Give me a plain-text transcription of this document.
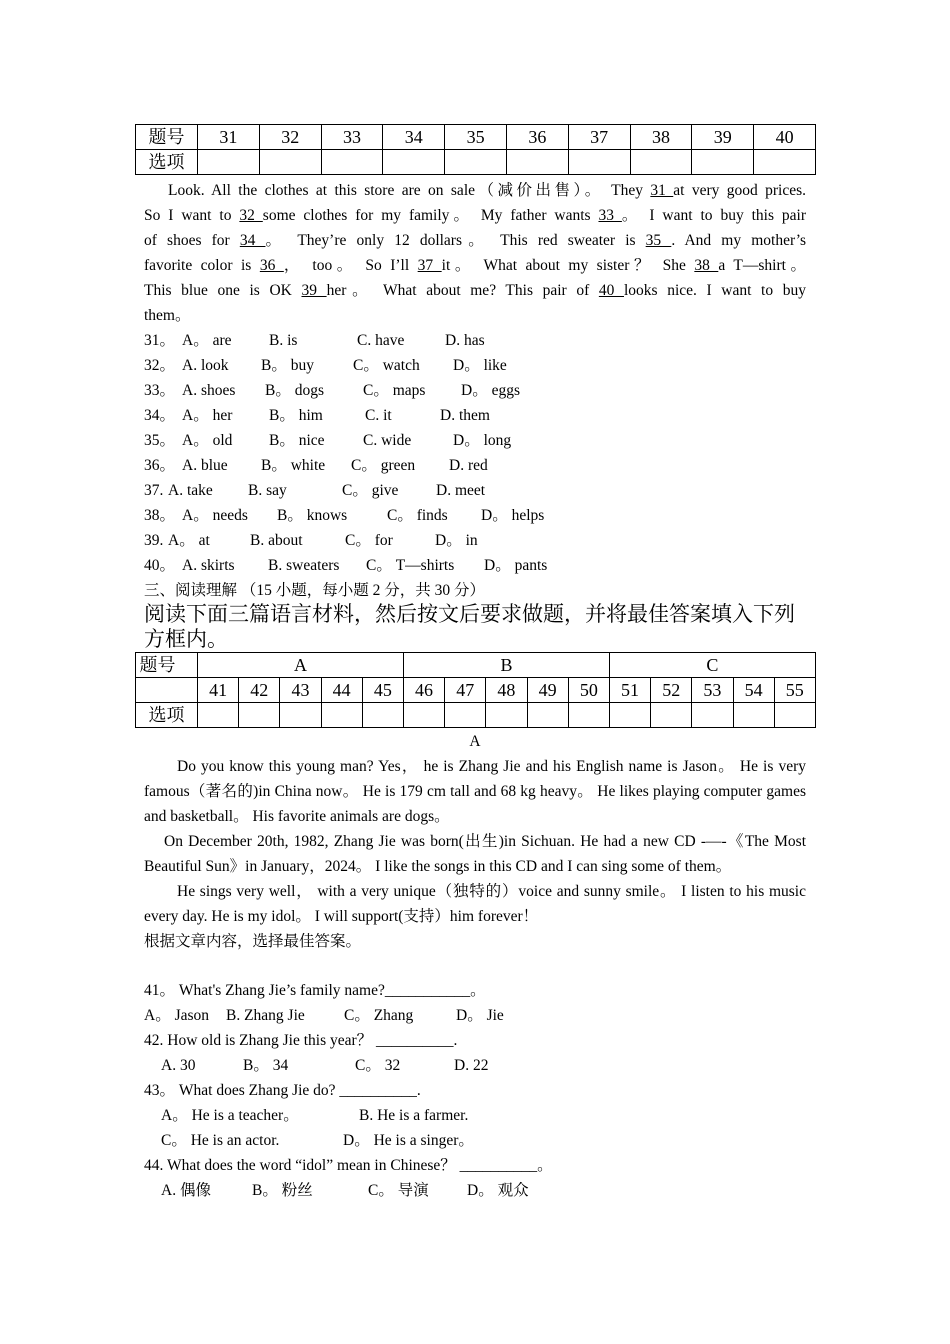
题号	31	32	33	34	35	36	37	38	39	40
选项										

Look. All the clothes at this store are on sale（减价出售）。 They 31 at very good prices.

So I want to 32 some clothes for my family。 My father wants 33 。 I want to buy this pair

of shoes for 34 。 They’re only 12 dollars。 This red sweater is 35 . And my mother’s

favorite color is 36 ， too。 So I’ll 37 it。 What about my sister？ She 38 a T—shirt。

This blue one is OK 39 her。 What about me? This pair of 40 looks nice. I want to buy

them。

31。 A。 are B. is	C. have	D. has

32。 A. look B。 buy	C。 watch D。 like

33。 A. shoes B。 dogs	C。 maps D。 eggs

34。 A。 her B。 him	C. it	D. them

35。 A。 old B。 nice C. wide	D。 long

36。 A. blue B。 white C。 green D. red

37. A. take B. say	C。 give D. meet

38。 A。 needs B。 knows	C。 finds D。 helps

39. A。 at	B. about	C。 for	D。 in

40。 A. skirts B. sweaters C。 T—shirts D。 pants

三、阅读理解 （15 小题，每小题 2 分，共 30 分）

阅读下面三篇语言材料，然后按文后要求做题，并将最佳答案填入下列方框内。
题号	A	B	C
	41	42	43	44	45	46	47	48	49	50	51	52	53	54	55
选项															
A

Do you know this young man? Yes， he is Zhang Jie and his English name is Jason。 He is very famous（著名的)in China now。 He is 179 cm tall and 68 kg heavy。 He likes playing computer games and basketball。 His favorite animals are dogs。

On December 20th, 1982, Zhang Jie was born(出生)in Sichuan. He had a new CD -—-《The Most Beautiful Sun》in January，2024。 I like the songs in this CD and I can sing some of them。

He sings very well， with a very unique（独特的）voice and sunny smile。 I listen to his music every day. He is my idol。 I will support(支持）him forever！

根据文章内容，选择最佳答案。

41。 What's Zhang Jie’s family name?___________。

A。 Jason B. Zhang Jie	C。 Zhang	D。 Jie

42. How old is Zhang Jie this year？ __________.

A. 30	B。 34	C。 32	D. 22

43。 What does Zhang Jie do? __________.

A。 He is a teacher。	B. He is a farmer.

C。 He is an actor.	D。 He is a singer。

44. What does the word “idol” mean in Chinese？ __________。

A. 偶像	B。 粉丝	C。 导演 D。 观众
